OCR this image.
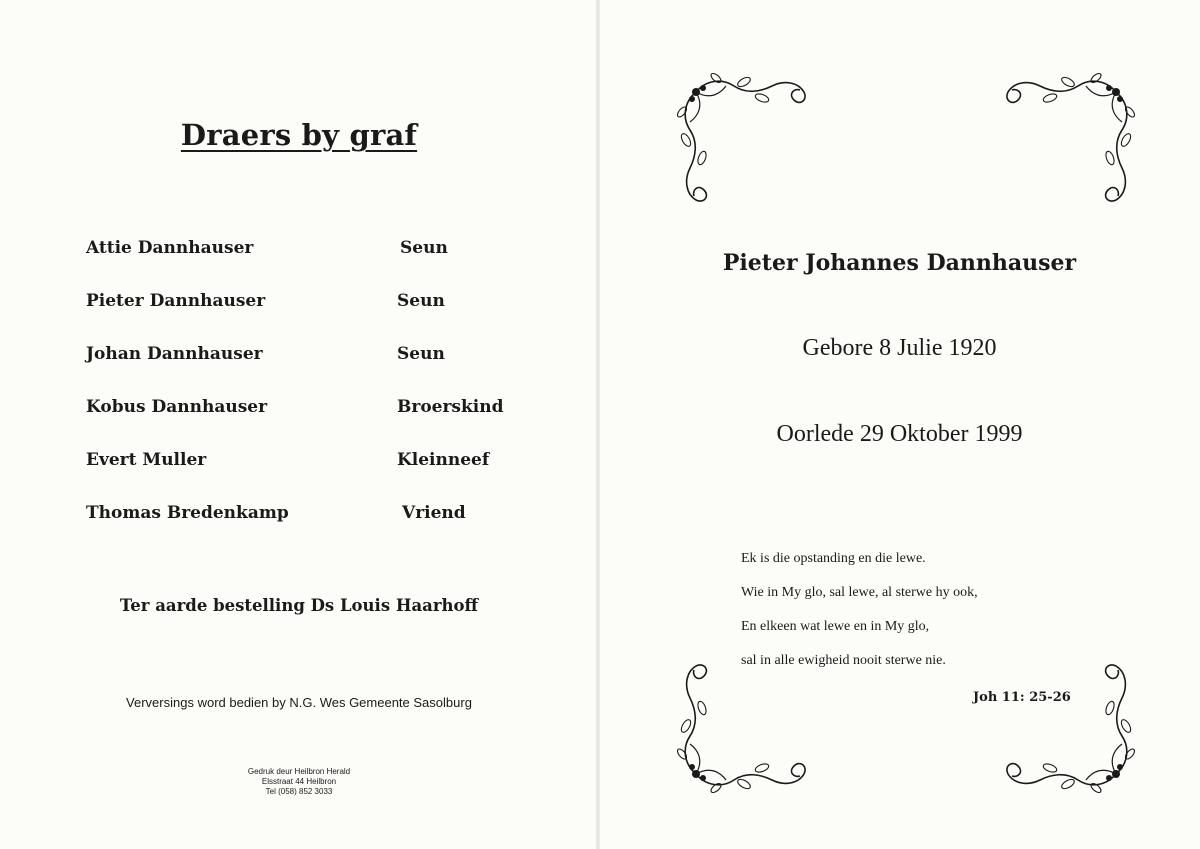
Draers by graf
Attie Dannhauser	Seun
Pieter Dannhauser	Seun
Johan Dannhauser	Seun
Kobus Dannhauser	Broerskind
Evert Muller	Kleinneef
Thomas Bredenkamp	Vriend
Ter aarde bestelling Ds Louis Haarhoff
Verversings word bedien by N.G. Wes Gemeente Sasolburg
Gedruk deur Heilbron Herald
Elsstraat 44 Heilbron
Tel (058) 852 3033
Pieter Johannes Dannhauser
Gebore 8 Julie 1920
Oorlede 29 Oktober 1999
Ek is die opstanding en die lewe.
Wie in My glo, sal lewe, al sterwe hy ook,
En elkeen wat lewe en in My glo,
sal in alle ewigheid nooit sterwe nie.
Joh 11: 25-26
